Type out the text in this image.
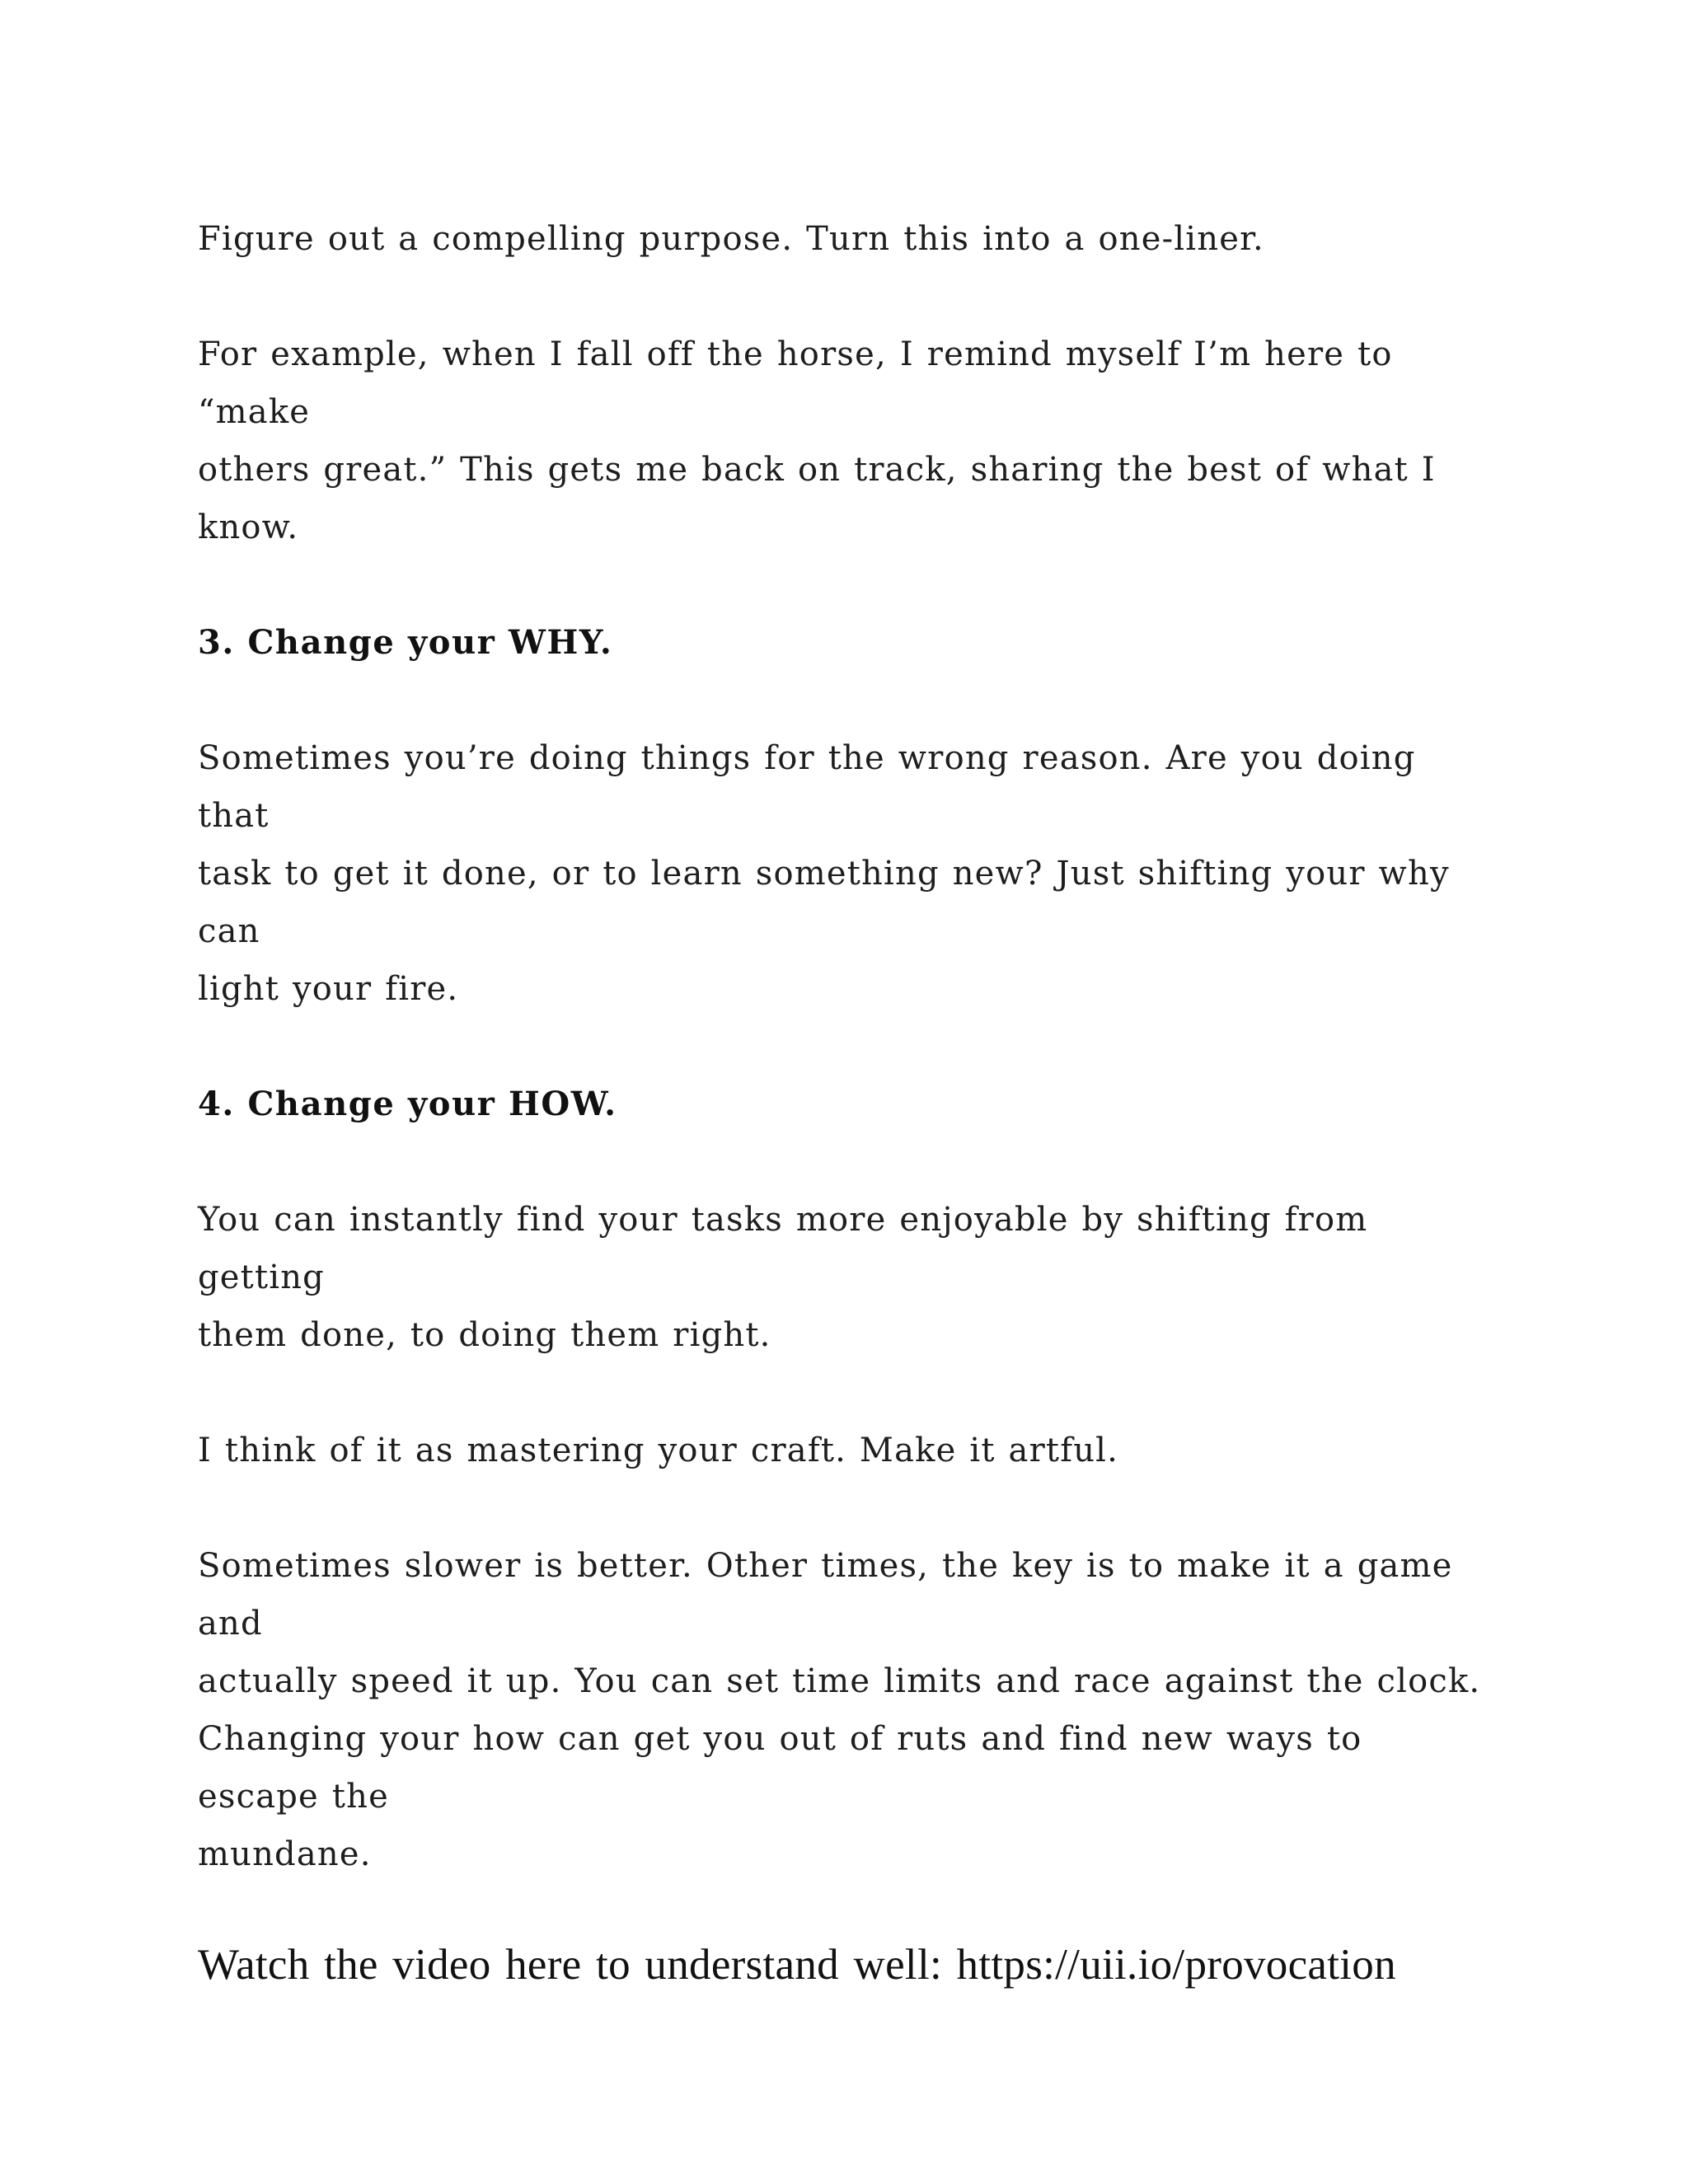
Figure out a compelling purpose. Turn this into a one-liner.

For example, when I fall off the horse, I remind myself I’m here to “make
others great.” This gets me back on track, sharing the best of what I know.

3. Change your WHY.

Sometimes you’re doing things for the wrong reason. Are you doing that
task to get it done, or to learn something new? Just shifting your why can
light your fire.

4. Change your HOW.

You can instantly find your tasks more enjoyable by shifting from getting
them done, to doing them right.

I think of it as mastering your craft. Make it artful.

Sometimes slower is better. Other times, the key is to make it a game and
actually speed it up. You can set time limits and race against the clock.
Changing your how can get you out of ruts and find new ways to escape the
mundane.

Watch the video here to understand well: https://uii.io/provocation
